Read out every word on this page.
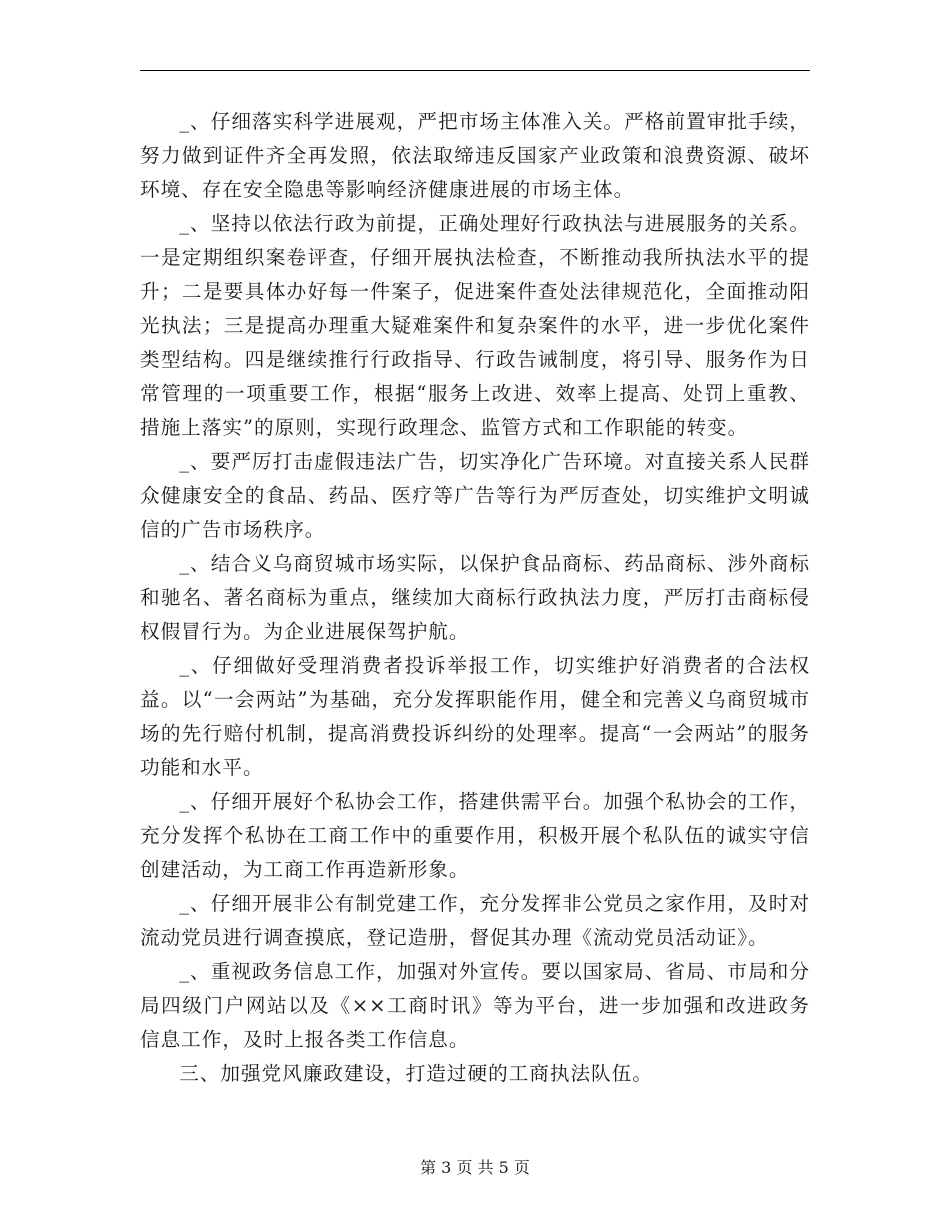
_、仔细落实科学进展观，严把市场主体准入关。严格前置审批手续，努力做到证件齐全再发照，依法取缔违反国家产业政策和浪费资源、破坏环境、存在安全隐患等影响经济健康进展的市场主体。

_、坚持以依法行政为前提，正确处理好行政执法与进展服务的关系。一是定期组织案卷评查，仔细开展执法检查，不断推动我所执法水平的提升；二是要具体办好每一件案子，促进案件查处法律规范化，全面推动阳光执法；三是提高办理重大疑难案件和复杂案件的水平，进一步优化案件类型结构。四是继续推行行政指导、行政告诫制度，将引导、服务作为日常管理的一项重要工作，根据“服务上改进、效率上提高、处罚上重教、措施上落实”的原则，实现行政理念、监管方式和工作职能的转变。

_、要严厉打击虚假违法广告，切实净化广告环境。对直接关系人民群众健康安全的食品、药品、医疗等广告等行为严厉查处，切实维护文明诚信的广告市场秩序。

_、结合义乌商贸城市场实际，以保护食品商标、药品商标、涉外商标和驰名、著名商标为重点，继续加大商标行政执法力度，严厉打击商标侵权假冒行为。为企业进展保驾护航。

_、仔细做好受理消费者投诉举报工作，切实维护好消费者的合法权益。以“一会两站”为基础，充分发挥职能作用，健全和完善义乌商贸城市场的先行赔付机制，提高消费投诉纠纷的处理率。提高“一会两站”的服务功能和水平。

_、仔细开展好个私协会工作，搭建供需平台。加强个私协会的工作，充分发挥个私协在工商工作中的重要作用，积极开展个私队伍的诚实守信创建活动，为工商工作再造新形象。

_、仔细开展非公有制党建工作，充分发挥非公党员之家作用，及时对流动党员进行调查摸底，登记造册，督促其办理《流动党员活动证》。

_、重视政务信息工作，加强对外宣传。要以国家局、省局、市局和分局四级门户网站以及《××工商时讯》等为平台，进一步加强和改进政务信息工作，及时上报各类工作信息。

三、加强党风廉政建设，打造过硬的工商执法队伍。

第 3 页 共 5 页
